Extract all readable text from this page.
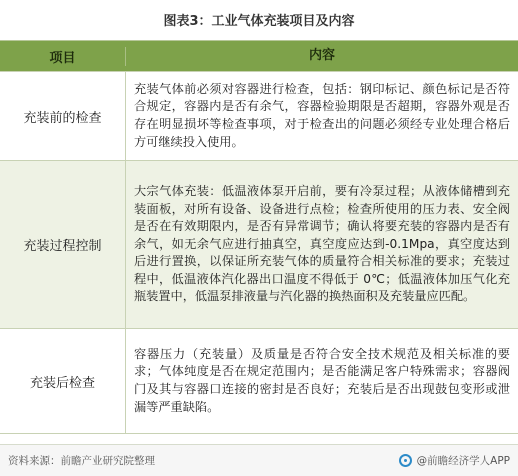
图表3：工业气体充装项目及内容
项目	内容
充装前的检查
充装气体前必须对容器进行检查，包括：钢印标记、颜色标记是否符合规定，容器内是否有余气，容器检验期限是否超期，容器外观是否存在明显损坏等检查事项，对于检查出的问题必须经专业处理合格后方可继续投入使用。
充装过程控制
大宗气体充装：低温液体泵开启前，要有冷泵过程；从液体储槽到充装面板，对所有设备、设备进行点检；检查所使用的压力表、安全阀是否在有效期限内，是否有异常调节；确认将要充装的容器内是否有余气，如无余气应进行抽真空，真空度应达到-0.1Mpa，真空度达到后进行置换，以保证所充装气体的质量符合相关标准的要求；充装过程中，低温液体汽化器出口温度不得低于 0℃；低温液体加压气化充瓶装置中，低温泵排液量与汽化器的换热面积及充装量应匹配。
充装后检查
容器压力（充装量）及质量是否符合安全技术规范及相关标准的要求；气体纯度是否在规定范围内；是否能满足客户特殊需求；容器阀门及其与容器口连接的密封是否良好；充装后是否出现鼓包变形或泄漏等严重缺陷。
资料来源：前瞻产业研究院整理	@前瞻经济学人APP
